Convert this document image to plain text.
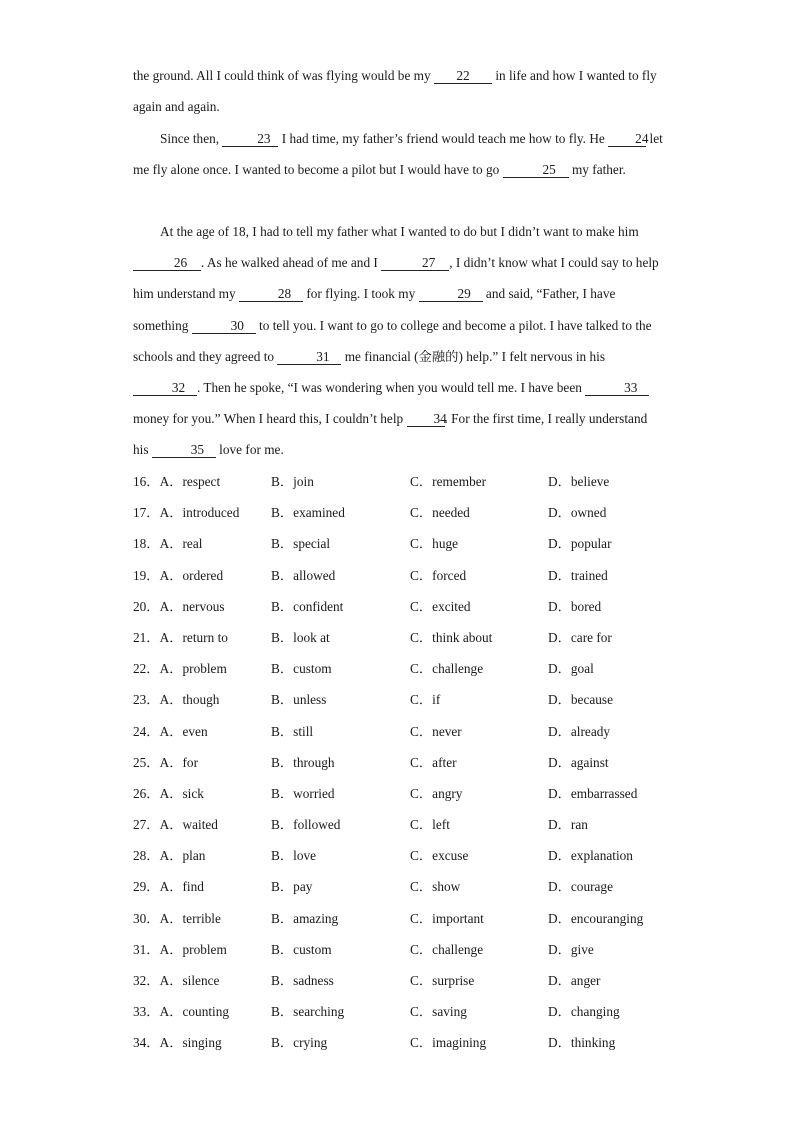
the ground. All I could think of was flying would be my 22 in life and how I wanted to fly again and again.

Since then,	23 I had time, my father’s friend would teach me how to fly. He 24 let me fly alone once. I wanted to become a pilot but I would have to go	25 my father.

At the age of 18, I had to tell my father what I wanted to do but I didn’t want to make him 26 . As he walked ahead of me and I	27 , I didn’t know what I could say to help him understand my	28 for flying. I took my	29 and said, “Father, I have something	30 to tell you. I want to go to college and become a pilot. I have talked to the schools and they agreed to	31 me financial (金融的) help.” I felt nervous in his 32 . Then he spoke, “I was wondering when you would tell me. I have been	33 money for you.” When I heard this, I couldn’t help 34. For the first time, I really understand his	35 love for me.

16．A．respect	B．join	C．remember	D．believe
17．A．introduced B．examined	C．needed	D．owned
18．A．real	B．special	C．huge	D．popular
19．A．ordered	B．allowed	C．forced	D．trained
20．A．nervous	B．confident	C．excited	D．bored
21．A．return to	B．look at	C．think about	D．care for
22．A．problem	B．custom	C．challenge	D．goal
23．A．though	B．unless	C．if	D．because
24．A．even	B．still	C．never	D．already
25．A．for	B．through	C．after	D．against
26．A．sick	B．worried	C．angry	D．embarrassed
27．A．waited	B．followed	C．left	D．ran
28．A．plan	B．love	C．excuse	D．explanation
29．A．find	B．pay	C．show	D．courage
30．A．terrible	B．amazing	C．important	D．encouranging
31．A．problem	B．custom	C．challenge	D．give
32．A．silence	B．sadness	C．surprise	D．anger
33．A．counting	B．searching	C．saving	D．changing
34．A．singing	B．crying	C．imagining	D．thinking
